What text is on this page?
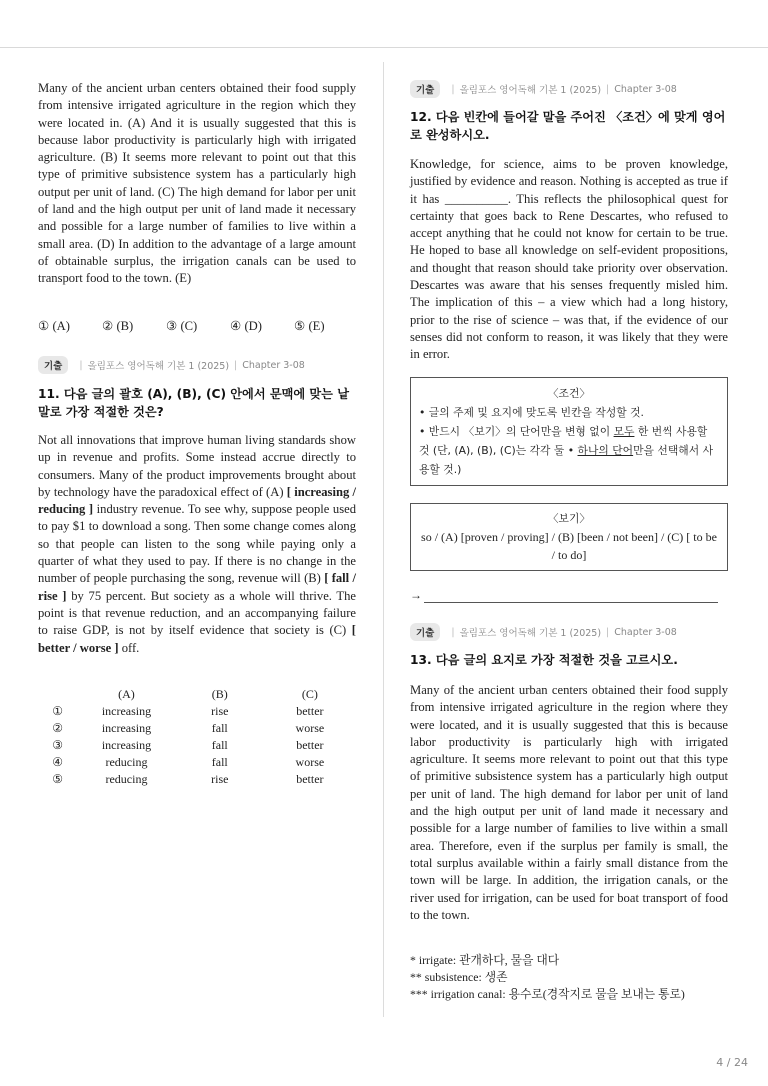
Many of the ancient urban centers obtained their food supply from intensive irrigated agriculture in the region which they were located in. (A) And it is usually suggested that this is because labor productivity is particularly high with irrigated agriculture. (B) It seems more relevant to point out that this type of primitive subsistence system has a particularly high output per unit of land. (C) The high demand for labor per unit of land and the high output per unit of land made it necessary and possible for a large number of families to live within a small area. (D) In addition to the advantage of a large amount of obtainable surplus, the irrigation canals can be used to transport food to the town. (E)

① (A)	② (B)	③ (C)	④ (D)	⑤ (E)
기출	| 올림포스 영어독해 기본 1 (2025) | Chapter 3-08

11. 다음 글의 괄호 (A), (B), (C) 안에서 문맥에 맞는 낱말로 가장 적절한 것은?

Not all innovations that improve human living standards show up in revenue and profits. Some instead accrue directly to consumers. Many of the product improvements brought about by technology have the paradoxical effect of (A) [ increasing / reducing ] industry revenue. To see why, suppose people used to pay $1 to download a song. Then some change comes along so that people can listen to the song while paying only a quarter of what they used to pay. If there is no change in the number of people purchasing the song, revenue will (B) [ fall / rise ] by 75 percent. But society as a whole will thrive. The point is that revenue reduction, and an accompanying failure to raise GDP, is not by itself evidence that society is (C) [ better / worse ] off.

	(A)	(B)	(C)
①	increasing	rise	better
②	increasing	fall	worse
③	increasing	fall	better
④	reducing	fall	worse
⑤	reducing	rise	better
기출	| 올림포스 영어독해 기본 1 (2025) | Chapter 3-08

12. 다음 빈칸에 들어갈 말을 주어진 〈조건〉에 맞게 영어로 완성하시오.

Knowledge, for science, aims to be proven knowledge, justified by evidence and reason. Nothing is accepted as true if it has __________. This reflects the philosophical quest for certainty that goes back to Rene Descartes, who refused to accept anything that he could not know for certain to be true. He hoped to base all knowledge on self-evident propositions, and thought that reason should take priority over observation. Descartes was aware that his senses frequently misled him. The implication of this – a view which had a long history, prior to the rise of science – was that, if the evidence of our senses did not conform to reason, it was likely that they were in error.

〈조건〉
• 글의 주제 및 요지에 맞도록 빈칸을 작성할 것.
• 반드시 〈보기〉의 단어만을 변형 없이 모두 한 번씩 사용할 것 (단, (A), (B), (C)는 각각 둘 • 하나의 단어만을 선택해서 사용할 것.)
〈보기〉
so / (A) [proven / proving] / (B) [been / not been] / (C) [ to be / to do]
→
기출	| 올림포스 영어독해 기본 1 (2025) | Chapter 3-08

13. 다음 글의 요지로 가장 적절한 것을 고르시오.

Many of the ancient urban centers obtained their food supply from intensive irrigated agriculture in the region where they were located, and it is usually suggested that this is because labor productivity is particularly high with irrigated agriculture. It seems more relevant to point out that this type of primitive subsistence system has a particularly high output per unit of land. The high demand for labor per unit of land and the high output per unit of land made it necessary and possible for a large number of families to live within a small area. Therefore, even if the surplus per family is small, the total surplus available within a fairly small distance from the town will be large. In addition, the irrigation canals, or the river used for irrigation, can be used for boat transport of food to the town.

* irrigate: 관개하다, 물을 대다
** subsistence: 생존
*** irrigation canal: 용수로(경작지로 물을 보내는 통로)
4 / 24
